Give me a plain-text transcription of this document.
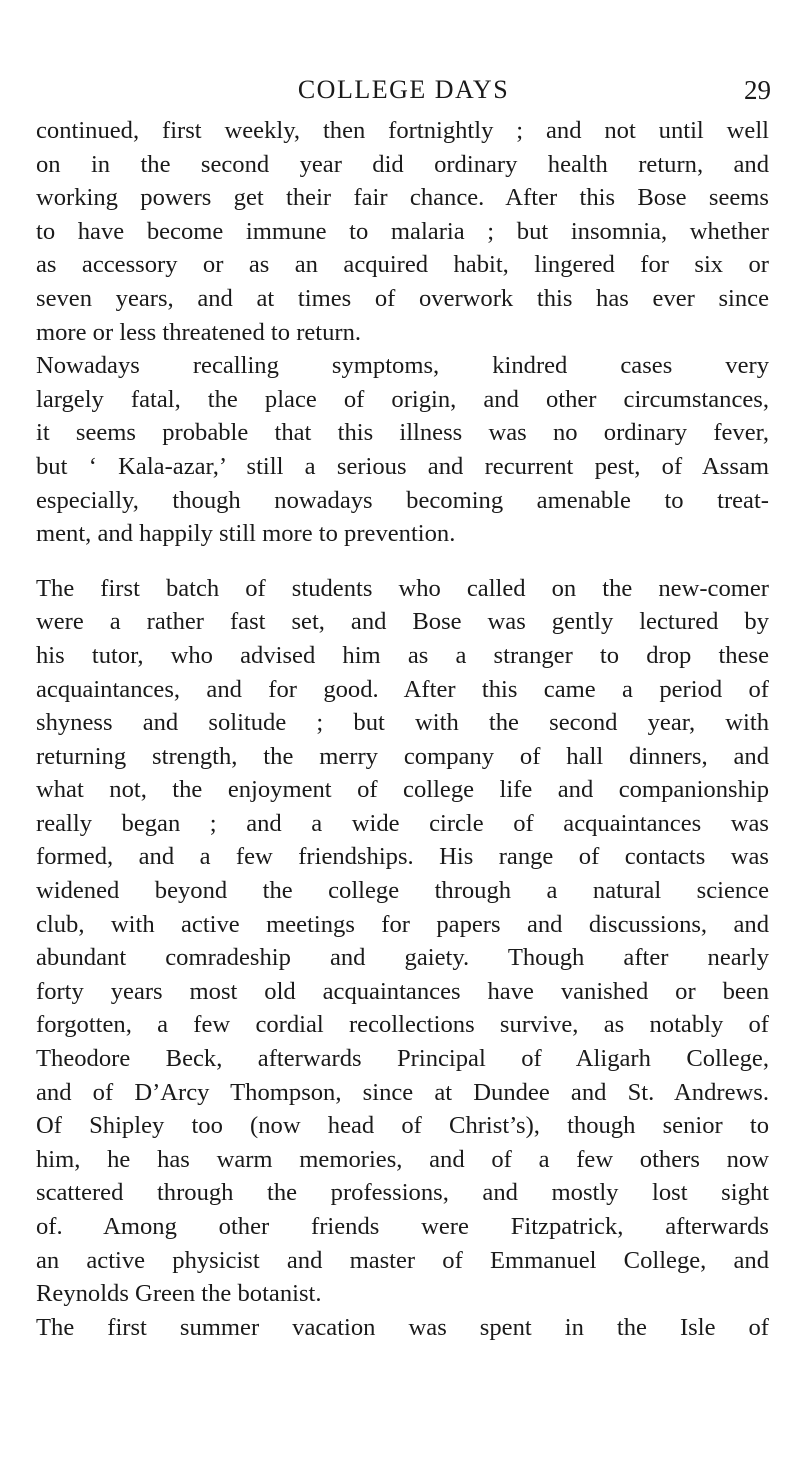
COLLEGE DAYS	29
continued, first weekly, then fortnightly ; and not until well
on in the second year did ordinary health return, and
working powers get their fair chance. After this Bose seems
to have become immune to malaria ; but insomnia, whether
as accessory or as an acquired habit, lingered for six or
seven years, and at times of overwork this has ever since
more or less threatened to return.
Nowadays recalling symptoms, kindred cases very
largely fatal, the place of origin, and other circumstances,
it seems probable that this illness was no ordinary fever,
but ‘ Kala-azar,’ still a serious and recurrent pest, of Assam
especially, though nowadays becoming amenable to treat-
ment, and happily still more to prevention.
The first batch of students who called on the new-comer
were a rather fast set, and Bose was gently lectured by
his tutor, who advised him as a stranger to drop these
acquaintances, and for good. After this came a period of
shyness and solitude ; but with the second year, with
returning strength, the merry company of hall dinners, and
what not, the enjoyment of college life and companionship
really began ; and a wide circle of acquaintances was
formed, and a few friendships. His range of contacts was
widened beyond the college through a natural science
club, with active meetings for papers and discussions, and
abundant comradeship and gaiety. Though after nearly
forty years most old acquaintances have vanished or been
forgotten, a few cordial recollections survive, as notably of
Theodore Beck, afterwards Principal of Aligarh College,
and of D’Arcy Thompson, since at Dundee and St. Andrews.
Of Shipley too (now head of Christ’s), though senior to
him, he has warm memories, and of a few others now
scattered through the professions, and mostly lost sight
of. Among other friends were Fitzpatrick, afterwards
an active physicist and master of Emmanuel College, and
Reynolds Green the botanist.
The first summer vacation was spent in the Isle of
